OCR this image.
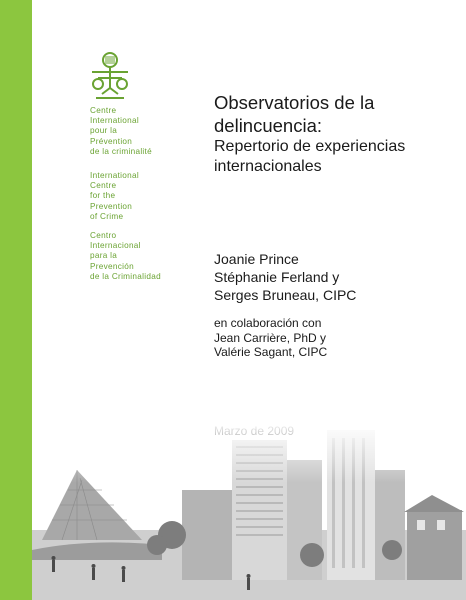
Centre
International
pour la
Prévention
de la criminalité
International
Centre
for the
Prevention
of Crime
Centro
Internacional
para la
Prevención
de la Criminalidad
Observatorios de la
delincuencia:
Repertorio de experiencias
internacionales
Joanie Prince
Stéphanie Ferland y
Serges Bruneau, CIPC
en colaboración con
Jean Carrière, PhD y
Valérie Sagant, CIPC
